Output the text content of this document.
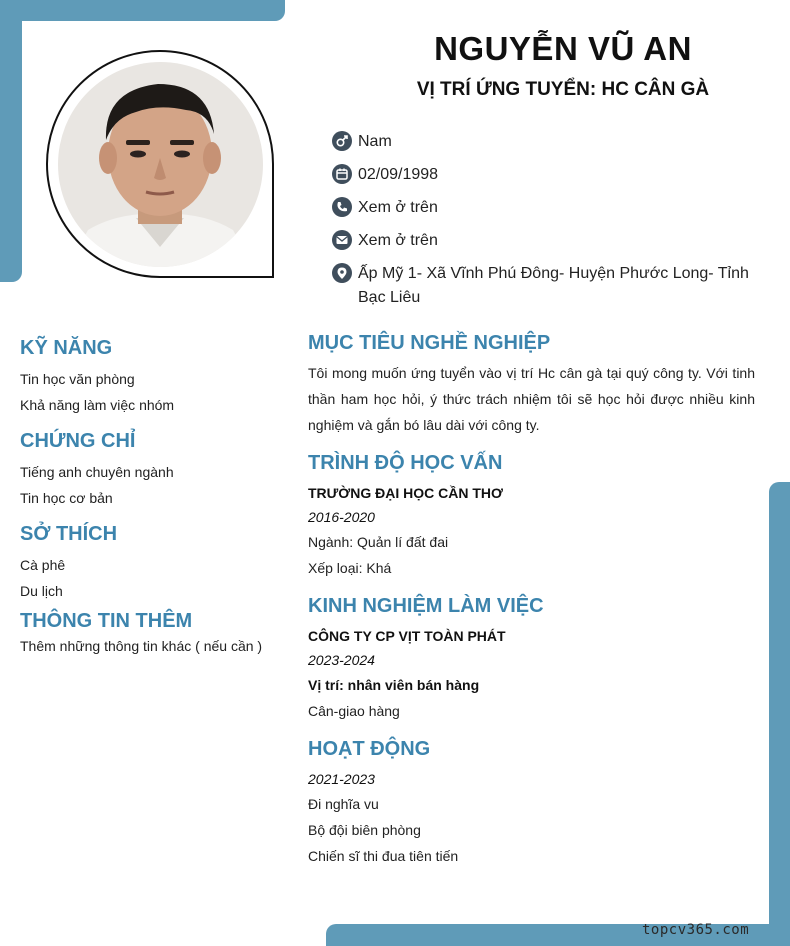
NGUYỄN VŨ AN
VỊ TRÍ ỨNG TUYỂN: HC CÂN GÀ
Nam
02/09/1998
Xem ở trên
Xem ở trên
Ấp Mỹ 1- Xã Vĩnh Phú Đông- Huyện Phước Long- Tỉnh Bạc Liêu
KỸ NĂNG
Tin học văn phòng
Khả năng làm việc nhóm
CHỨNG CHỈ
Tiếng anh chuyên ngành
Tin học cơ bản
SỞ THÍCH
Cà phê
Du lịch
THÔNG TIN THÊM
Thêm những thông tin khác ( nếu cần )
MỤC TIÊU NGHỀ NGHIỆP
Tôi mong muốn ứng tuyển vào vị trí Hc cân gà tại quý công ty. Với tinh thần ham học hỏi, ý thức trách nhiệm tôi sẽ học hỏi được nhiều kinh nghiệm và gắn bó lâu dài với công ty.
TRÌNH ĐỘ HỌC VẤN
TRƯỜNG ĐẠI HỌC CẦN THƠ
2016-2020
Ngành: Quản lí đất đai
Xếp loại: Khá
KINH NGHIỆM LÀM VIỆC
CÔNG TY CP VỊT TOÀN PHÁT
2023-2024
Vị trí: nhân viên bán hàng
Cân-giao hàng
HOẠT ĐỘNG
2021-2023
Đi nghĩa vu
Bộ đội biên phòng
Chiến sĩ thi đua tiên tiến
topcv365.com
